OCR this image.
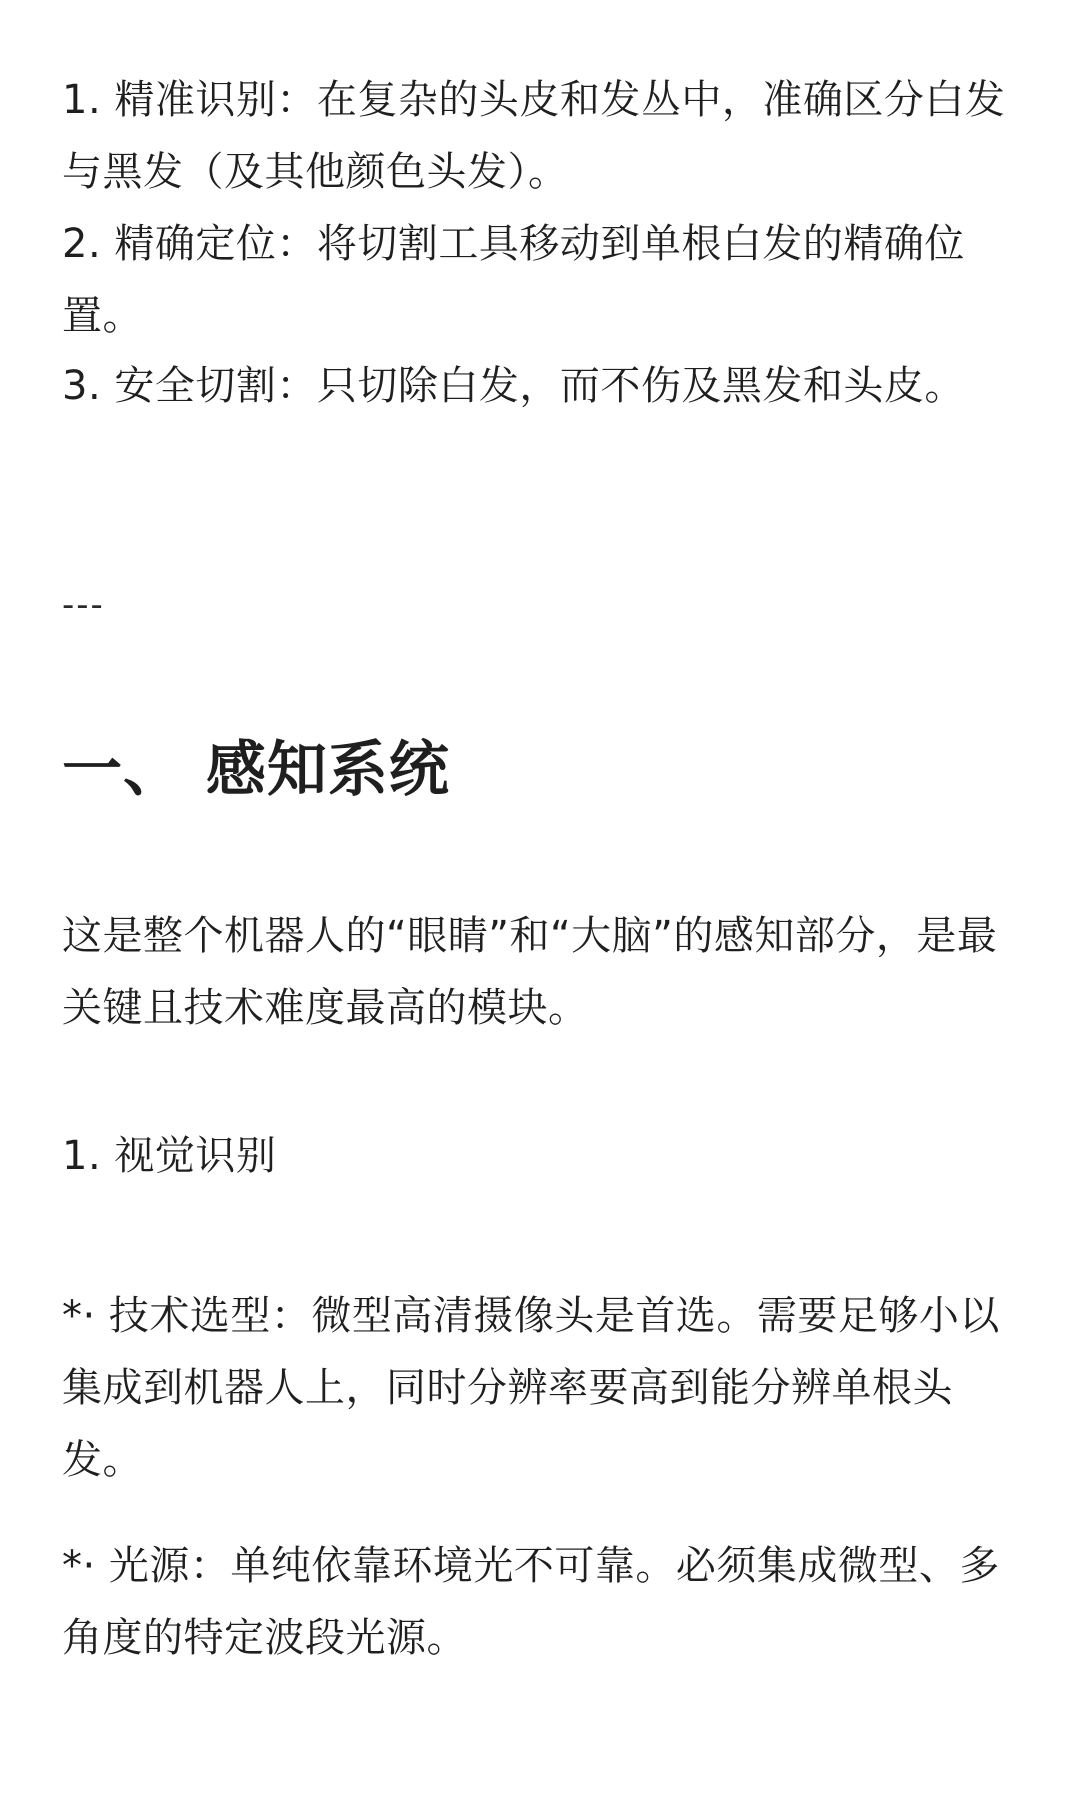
1. 精准识别：在复杂的头皮和发丛中，准确区分白发与黑发（及其他颜色头发）。

2. 精确定位：将切割工具移动到单根白发的精确位置。

3. 安全切割：只切除白发，而不伤及黑发和头皮。

---
一、 感知系统

这是整个机器人的“眼睛”和“大脑”的感知部分，是最关键且技术难度最高的模块。

1. 视觉识别

*· 技术选型：微型高清摄像头是首选。需要足够小以集成到机器人上，同时分辨率要高到能分辨单根头发。

*· 光源：单纯依靠环境光不可靠。必须集成微型、多角度的特定波段光源。
